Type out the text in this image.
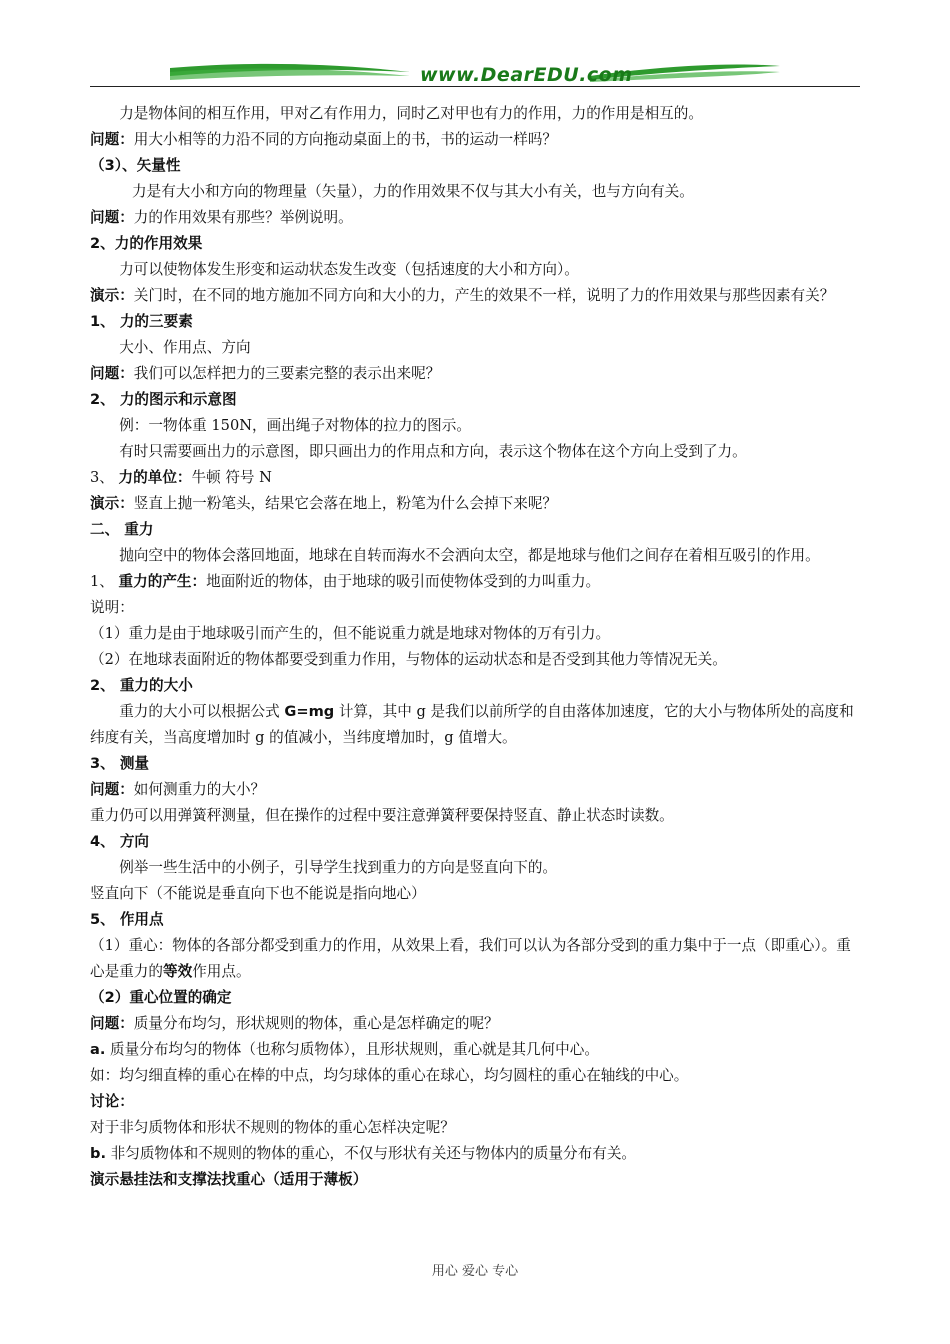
www.DearEDU.com

力是物体间的相互作用，甲对乙有作用力，同时乙对甲也有力的作用，力的作用是相互的。

问题：用大小相等的力沿不同的方向拖动桌面上的书，书的运动一样吗？

（3）、矢量性

力是有大小和方向的物理量（矢量），力的作用效果不仅与其大小有关，也与方向有关。

问题：力的作用效果有那些？举例说明。

2、力的作用效果

力可以使物体发生形变和运动状态发生改变（包括速度的大小和方向）。

演示：关门时，在不同的地方施加不同方向和大小的力，产生的效果不一样，说明了力的作用效果与那些因素有关？

1、 力的三要素

大小、作用点、方向

问题：我们可以怎样把力的三要素完整的表示出来呢？

2、 力的图示和示意图

例：一物体重 150N，画出绳子对物体的拉力的图示。

有时只需要画出力的示意图，即只画出力的作用点和方向，表示这个物体在这个方向上受到了力。

3、 力的单位：牛顿 符号 N

演示：竖直上抛一粉笔头，结果它会落在地上，粉笔为什么会掉下来呢？

二、 重力

抛向空中的物体会落回地面，地球在自转而海水不会洒向太空，都是地球与他们之间存在着相互吸引的作用。

1、 重力的产生：地面附近的物体，由于地球的吸引而使物体受到的力叫重力。

说明：

（1）重力是由于地球吸引而产生的，但不能说重力就是地球对物体的万有引力。

（2）在地球表面附近的物体都要受到重力作用，与物体的运动状态和是否受到其他力等情况无关。

2、 重力的大小

重力的大小可以根据公式 G=mg 计算，其中 g 是我们以前所学的自由落体加速度，它的大小与物体所处的高度和纬度有关，当高度增加时 g 的值减小，当纬度增加时，g 值增大。

3、 测量

问题：如何测重力的大小？

重力仍可以用弹簧秤测量，但在操作的过程中要注意弹簧秤要保持竖直、静止状态时读数。

4、 方向

例举一些生活中的小例子，引导学生找到重力的方向是竖直向下的。

竖直向下（不能说是垂直向下也不能说是指向地心）

5、 作用点

（1）重心：物体的各部分都受到重力的作用，从效果上看，我们可以认为各部分受到的重力集中于一点（即重心）。重心是重力的等效作用点。

（2）重心位置的确定

问题：质量分布均匀，形状规则的物体，重心是怎样确定的呢？

a. 质量分布均匀的物体（也称匀质物体），且形状规则，重心就是其几何中心。

如：均匀细直棒的重心在棒的中点，均匀球体的重心在球心，均匀圆柱的重心在轴线的中心。

讨论：

对于非匀质物体和形状不规则的物体的重心怎样决定呢？

b. 非匀质物体和不规则的物体的重心，不仅与形状有关还与物体内的质量分布有关。

演示悬挂法和支撑法找重心（适用于薄板）

用心 爱心 专心
